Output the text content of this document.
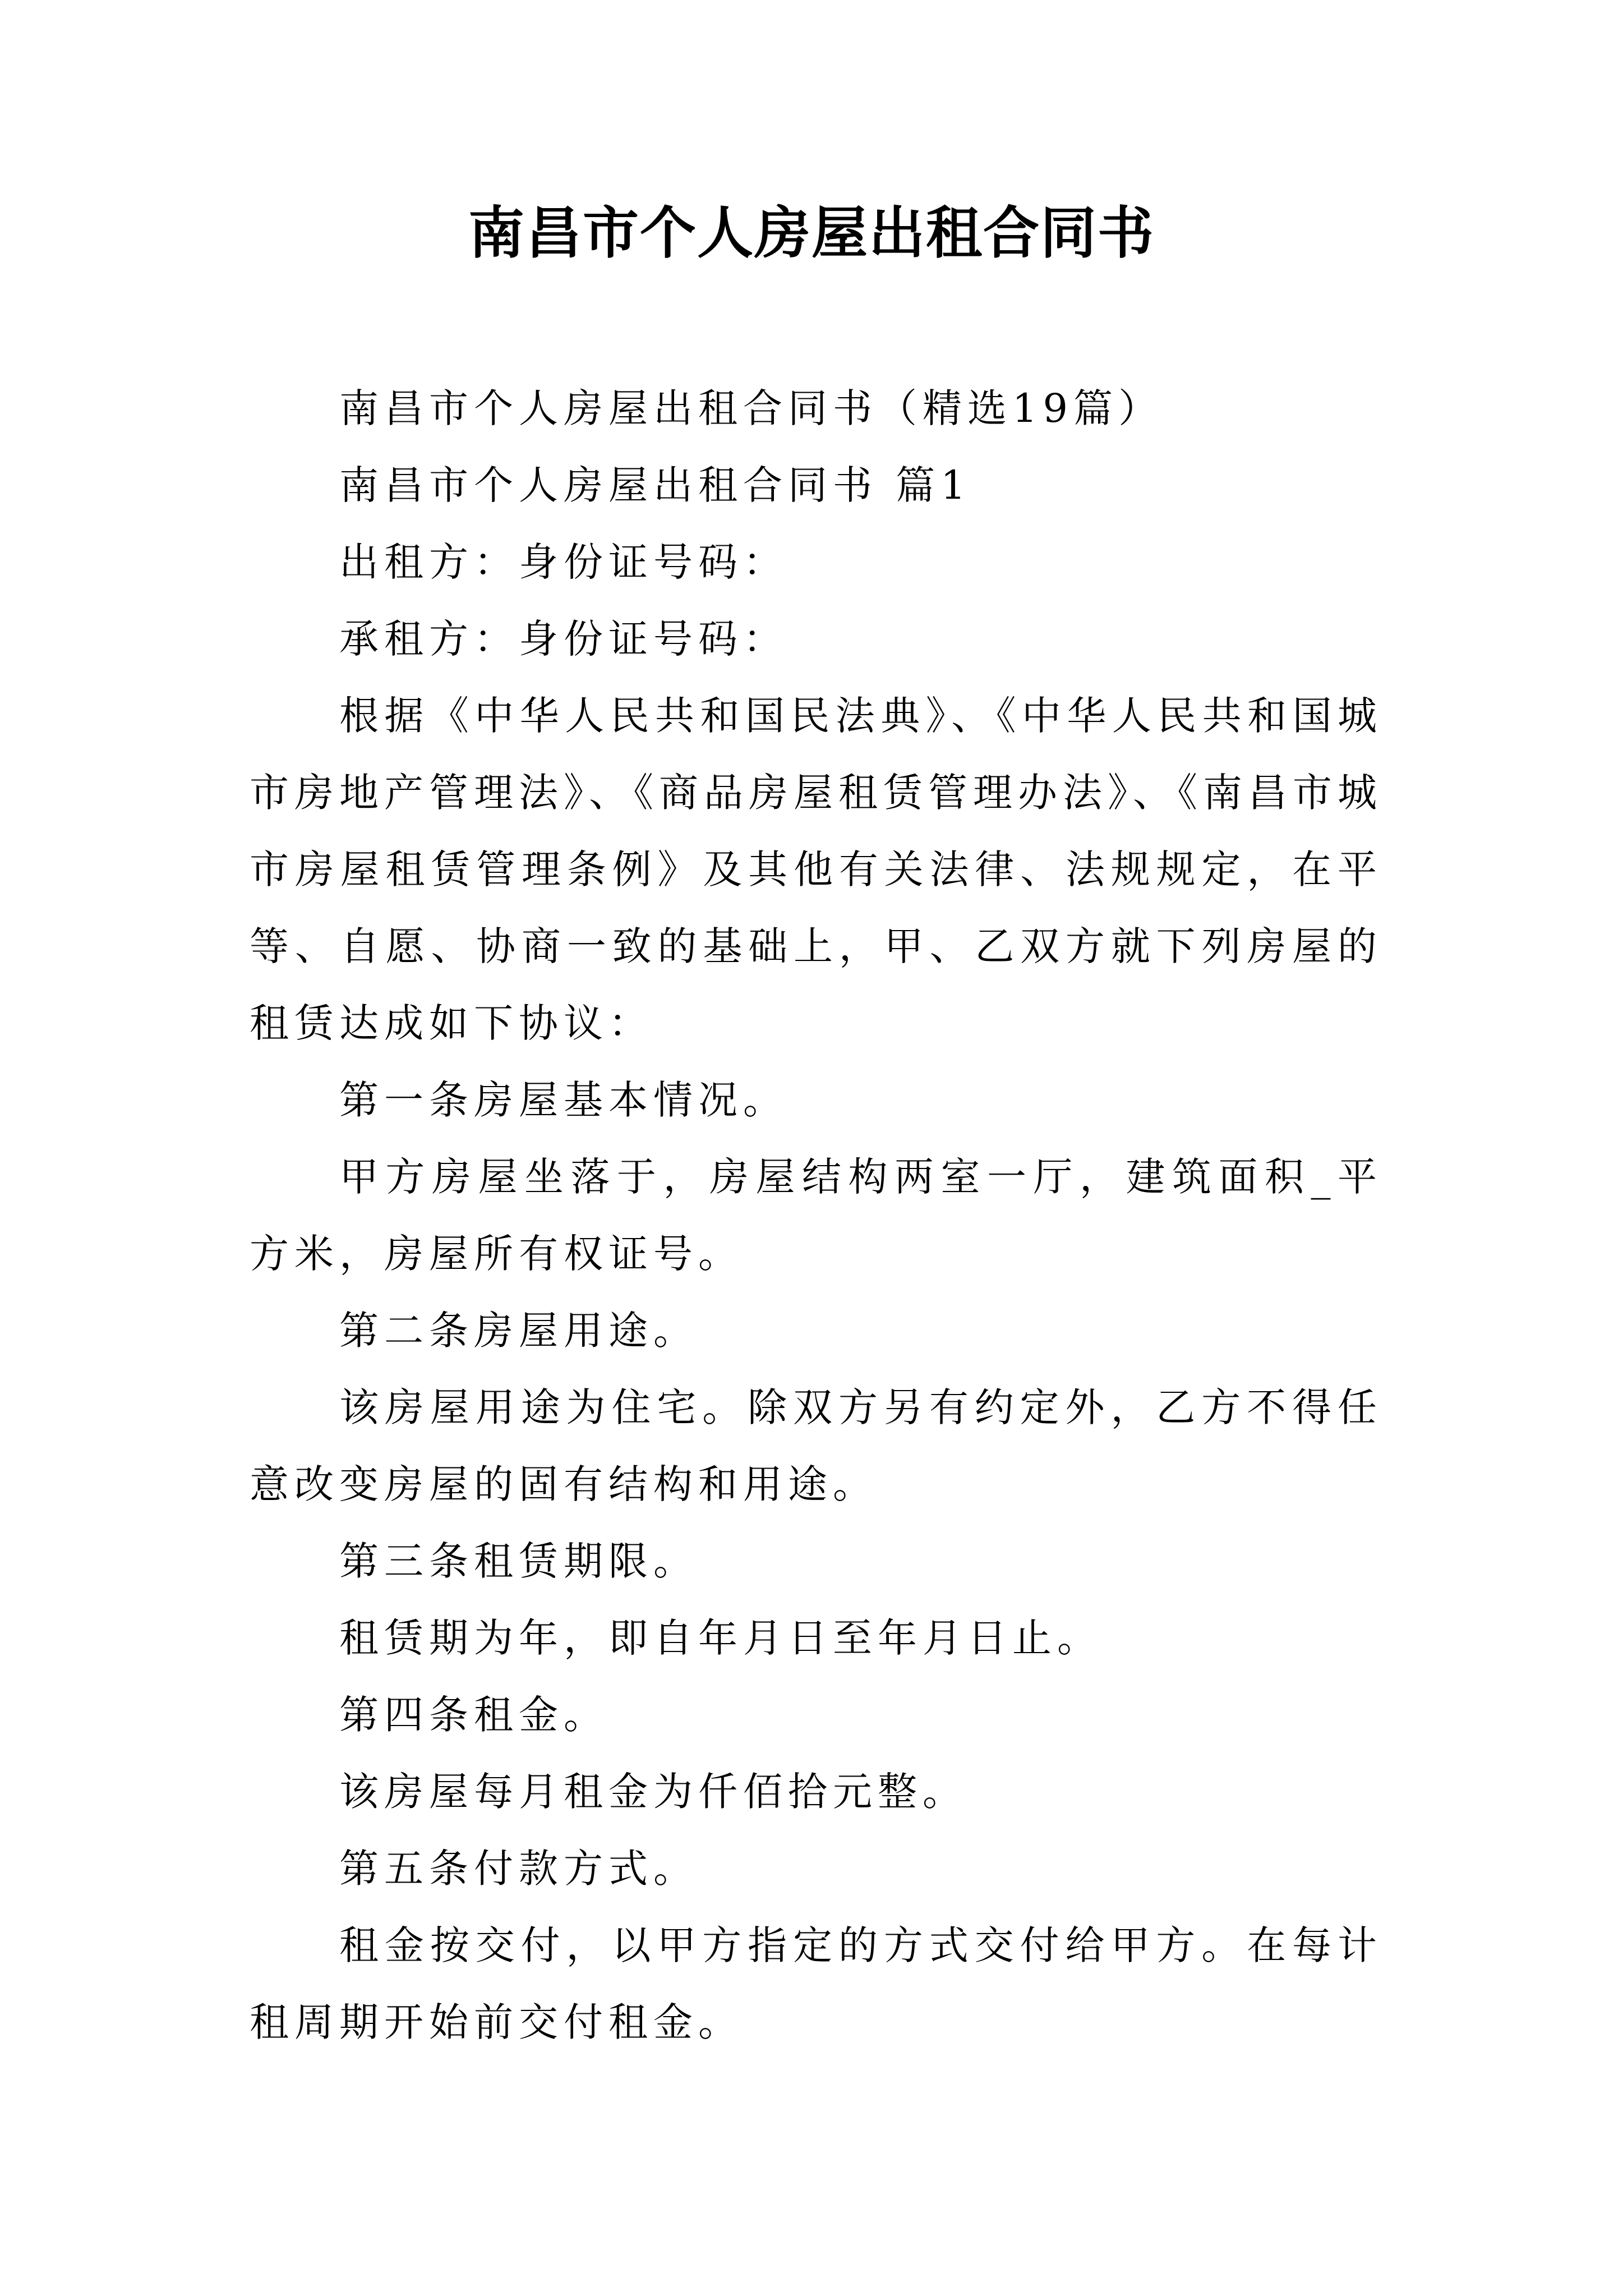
南昌市个人房屋出租合同书

南昌市个人房屋出租合同书（精选19篇）

南昌市个人房屋出租合同书 篇1

出租方：身份证号码：

承租方：身份证号码：

根据《中华人民共和国民法典》、《中华人民共和国城市房地产管理法》、《商品房屋租赁管理办法》、《南昌市城市房屋租赁管理条例》及其他有关法律、法规规定，在平等、自愿、协商一致的基础上，甲、乙双方就下列房屋的租赁达成如下协议：

第一条房屋基本情况。

甲方房屋坐落于，房屋结构两室一厅，建筑面积_平方米，房屋所有权证号。

第二条房屋用途。

该房屋用途为住宅。除双方另有约定外，乙方不得任意改变房屋的固有结构和用途。

第三条租赁期限。

租赁期为年，即自年月日至年月日止。

第四条租金。

该房屋每月租金为仟佰拾元整。

第五条付款方式。

租金按交付，以甲方指定的方式交付给甲方。在每计租周期开始前交付租金。
